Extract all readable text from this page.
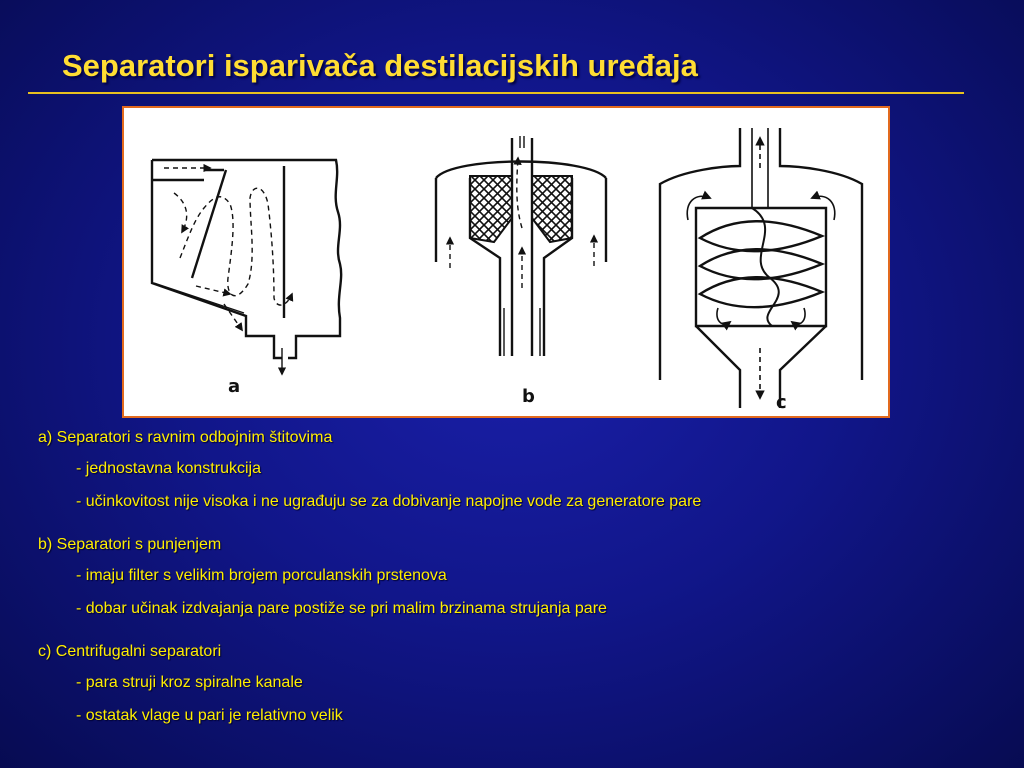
Separatori isparivača destilacijskih uređaja
a	b	c
a) Separatori s ravnim odbojnim štitovima
- jednostavna konstrukcija
- učinkovitost nije visoka i ne ugrađuju se za dobivanje napojne vode za generatore pare
b) Separatori s punjenjem
- imaju filter s velikim brojem porculanskih prstenova
- dobar učinak izdvajanja pare postiže se pri malim brzinama strujanja pare
c) Centrifugalni separatori
- para struji kroz spiralne kanale
- ostatak vlage u pari je relativno velik
